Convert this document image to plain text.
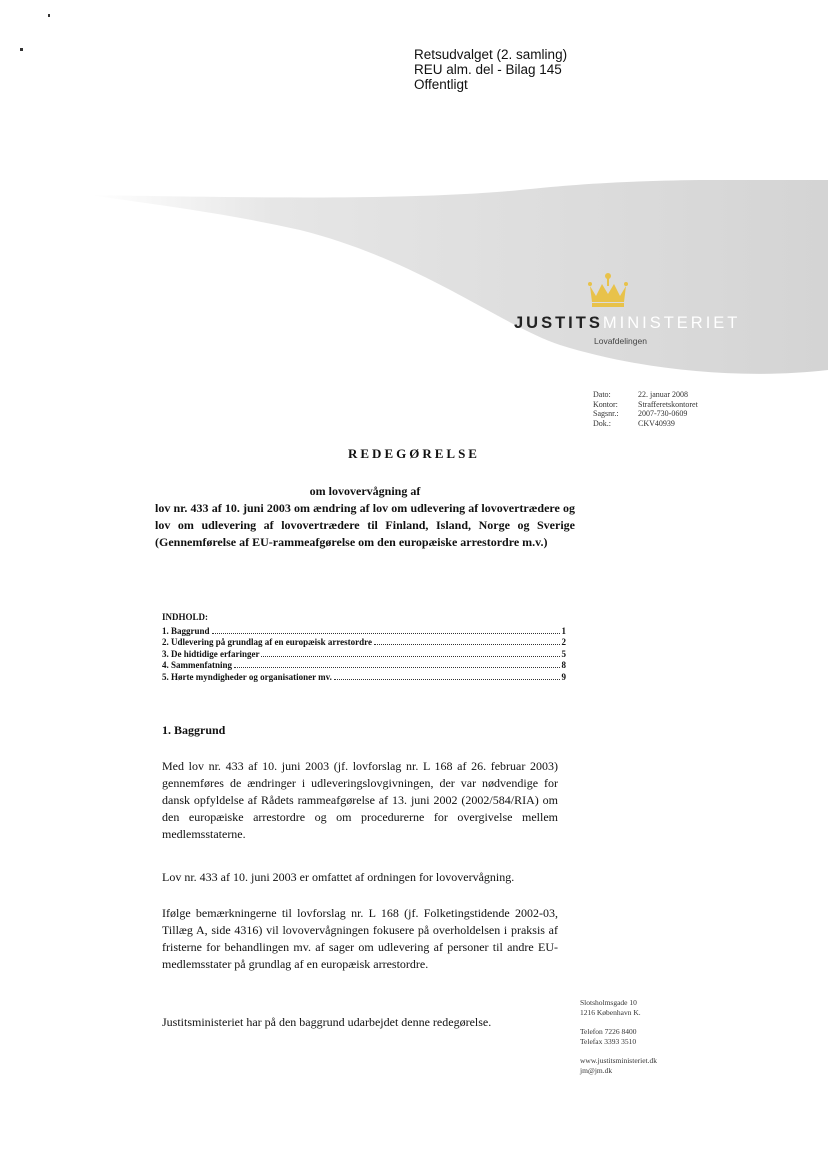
Retsudvalget (2. samling)
REU alm. del - Bilag 145
Offentligt
JUSTITSMINISTERIET
Lovafdelingen
Dato:	22. januar 2008
Kontor:	Strafferetskontoret
Sagsnr.:	2007-730-0609
Dok.:	CKV40939
REDEGØRELSE
om lovovervågning af
lov nr. 433 af 10. juni 2003 om ændring af lov om udlevering af lovovertrædere og lov om udlevering af lovovertrædere til Finland, Island, Norge og Sverige (Gennemførelse af EU-rammeafgørelse om den europæiske arrestordre m.v.)
INDHOLD:
1. Baggrund	1
2. Udlevering på grundlag af en europæisk arrestordre	2
3. De hidtidige erfaringer	5
4. Sammenfatning	8
5. Hørte myndigheder og organisationer mv.	9
1. Baggrund
Med lov nr. 433 af 10. juni 2003 (jf. lovforslag nr. L 168 af 26. februar 2003) gennemføres de ændringer i udleveringslovgivningen, der var nødvendige for dansk opfyldelse af Rådets rammeafgørelse af 13. juni 2002 (2002/584/RIA) om den europæiske arrestordre og om procedurerne for overgivelse mellem medlemsstaterne.
Lov nr. 433 af 10. juni 2003 er omfattet af ordningen for lovovervågning.
Ifølge bemærkningerne til lovforslag nr. L 168 (jf. Folketingstidende 2002-03, Tillæg A, side 4316) vil lovovervågningen fokusere på overholdelsen i praksis af fristerne for behandlingen mv. af sager om udlevering af personer til andre EU-medlemsstater på grundlag af en europæisk arrestordre.
Justitsministeriet har på den baggrund udarbejdet denne redegørelse.
Slotsholmsgade 10
1216 København K.
Telefon 7226 8400
Telefax 3393 3510
www.justitsministeriet.dk
jm@jm.dk
